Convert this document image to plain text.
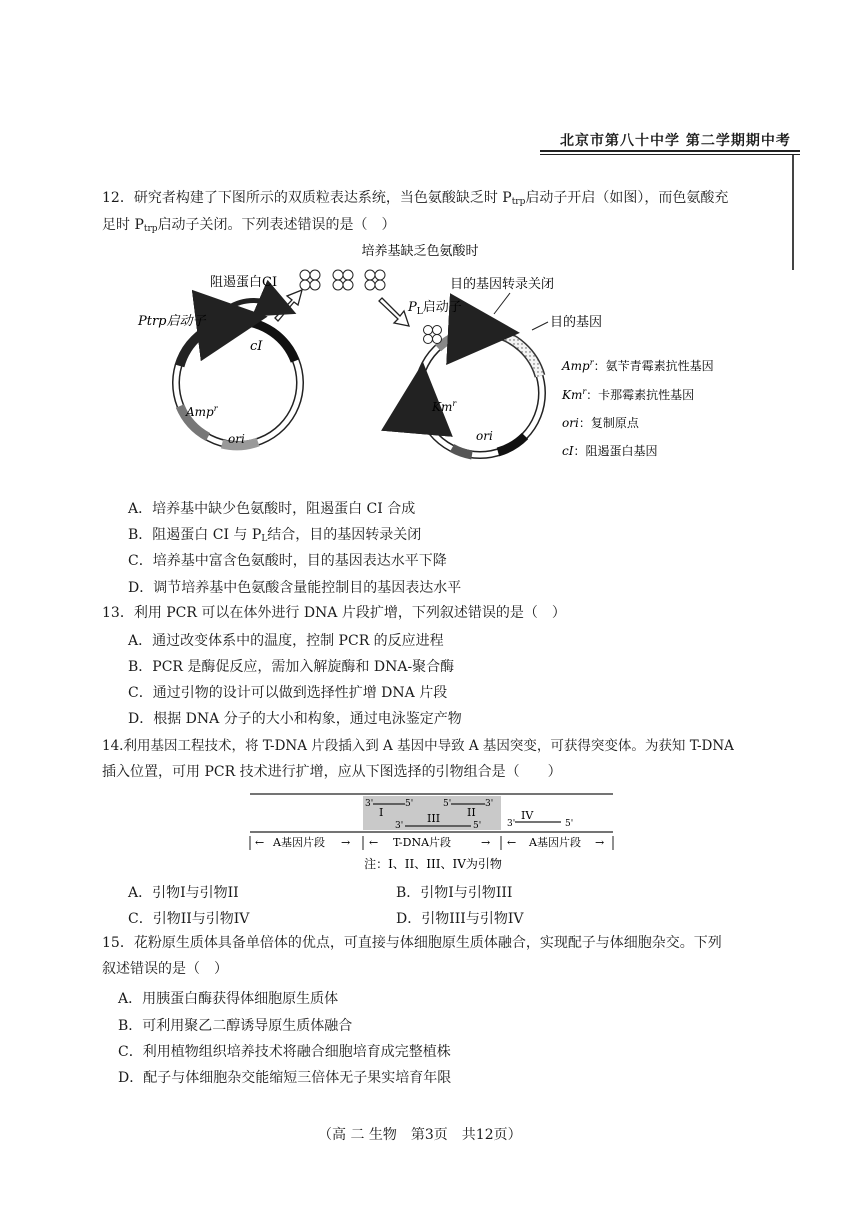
北京市第八十中学 第二学期期中考
12．研究者构建了下图所示的双质粒表达系统，当色氨酸缺乏时 $P_{trp}$启动子开启（如图），而色氨酸充
足时 $P_{trp}$启动子关闭。下列表述错误的是（　）
培养基缺乏色氨酸时
阻遏蛋白CI
Ptrp启动子
cI
Amp$^r$
ori
目的基因转录关闭
$P_L$启动子
目的基因
Km$^r$
ori
Amp$^r$：氨苄青霉素抗性基因
Km$^r$：卡那霉素抗性基因
ori：复制原点
cI：阻遏蛋白基因
A．培养基中缺少色氨酸时，阻遏蛋白 CI 合成
B．阻遏蛋白 CI 与 $P_L$结合，目的基因转录关闭
C．培养基中富含色氨酸时，目的基因表达水平下降
D．调节培养基中色氨酸含量能控制目的基因表达水平
13．利用 PCR 可以在体外进行 DNA 片段扩增，下列叙述错误的是（　）
A．通过改变体系中的温度，控制 PCR 的反应进程
B．PCR 是酶促反应，需加入解旋酶和 DNA-聚合酶
C．通过引物的设计可以做到选择性扩增 DNA 片段
D．根据 DNA 分子的大小和构象，通过电泳鉴定产物
14.利用基因工程技术，将 T-DNA 片段插入到 A 基因中导致 A 基因突变，可获得突变体。为获知 T-DNA
插入位置，可用 PCR 技术进行扩增，应从下图选择的引物组合是（　　）
3'	5'
I
5'	3'
II
III
3'	5'
IV
3'	5'
← A基因片段 → ← T-DNA片段	→ ← A基因片段 →
注：I、II、III、IV为引物
A．引物I与引物II	B．引物I与引物III
C．引物II与引物IV	D．引物III与引物IV
15．花粉原生质体具备单倍体的优点，可直接与体细胞原生质体融合，实现配子与体细胞杂交。下列
叙述错误的是（　）
A．用胰蛋白酶获得体细胞原生质体
B．可利用聚乙二醇诱导原生质体融合
C．利用植物组织培养技术将融合细胞培育成完整植株
D．配子与体细胞杂交能缩短三倍体无子果实培育年限
（高 二 生物　第3页　共12页）
